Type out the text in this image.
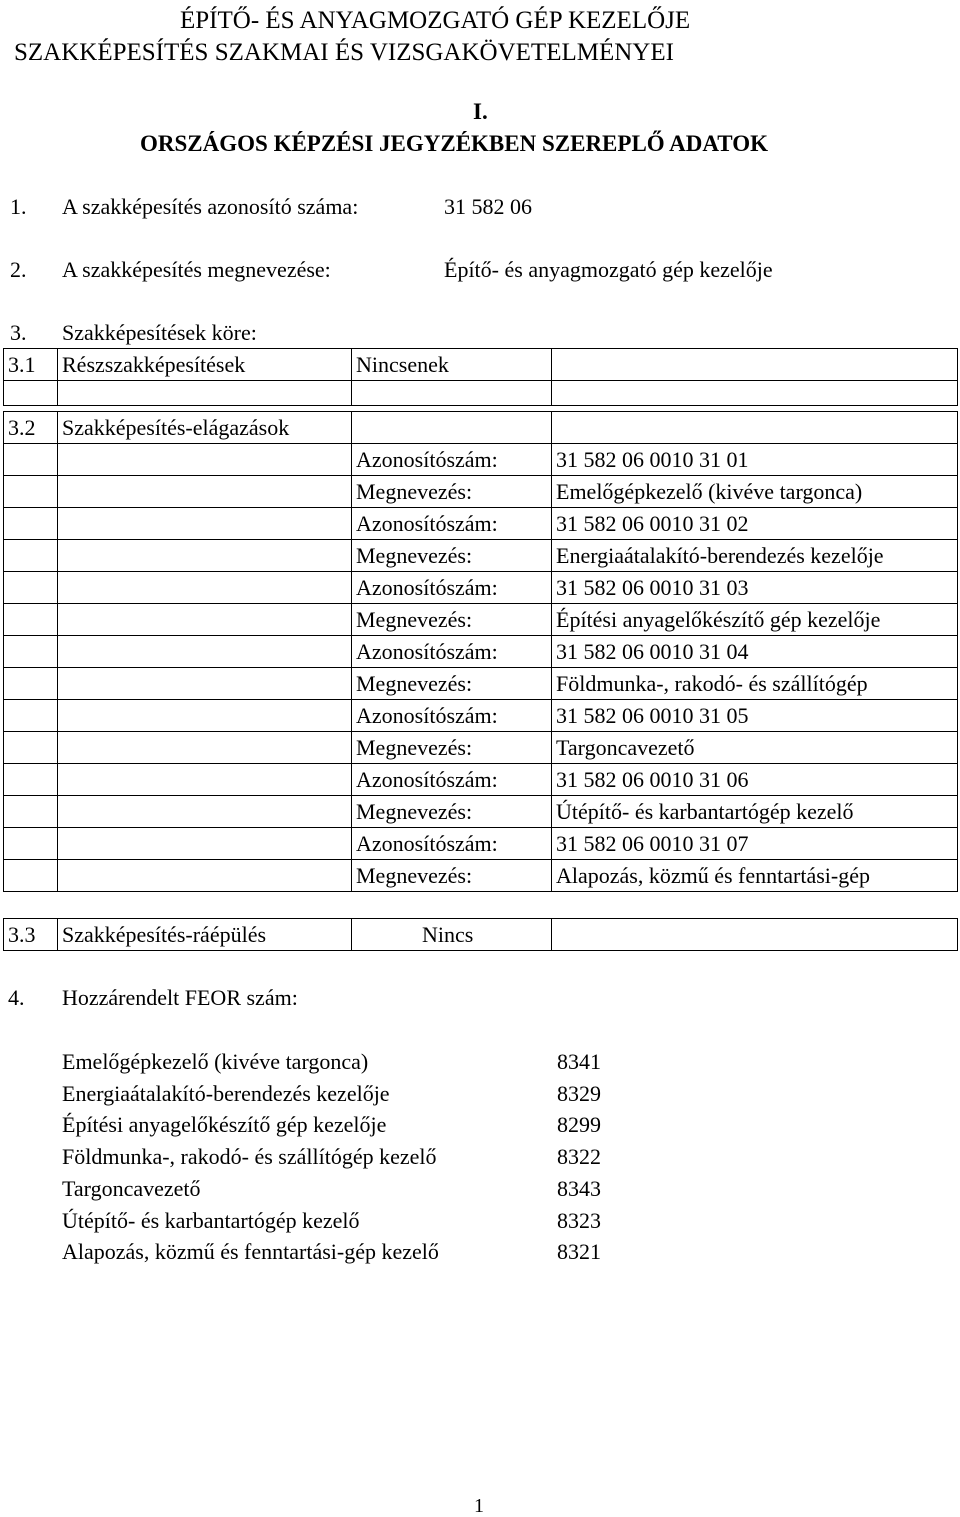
ÉPÍTŐ- ÉS ANYAGMOZGATÓ GÉP KEZELŐJE
SZAKKÉPESÍTÉS SZAKMAI ÉS VIZSGAKÖVETELMÉNYEI
I.
ORSZÁGOS KÉPZÉSI JEGYZÉKBEN SZEREPLŐ ADATOK
1. A szakképesítés azonosító száma:	31 582 06
2. A szakképesítés megnevezése:	Építő- és anyagmozgató gép kezelője
3. Szakképesítések köre:
3.1	Részszakképesítések	Nincsenek	

3.2	Szakképesítés-elágazások		
		Azonosítószám:	31 582 06 0010 31 01
		Megnevezés:	Emelőgépkezelő (kivéve targonca)
		Azonosítószám:	31 582 06 0010 31 02
		Megnevezés:	Energiaátalakító-berendezés kezelője
		Azonosítószám:	31 582 06 0010 31 03
		Megnevezés:	Építési anyagelőkészítő gép kezelője
		Azonosítószám:	31 582 06 0010 31 04
		Megnevezés:	Földmunka-, rakodó- és szállítógép
		Azonosítószám:	31 582 06 0010 31 05
		Megnevezés:	Targoncavezető
		Azonosítószám:	31 582 06 0010 31 06
		Megnevezés:	Útépítő- és karbantartógép kezelő
		Azonosítószám:	31 582 06 0010 31 07
		Megnevezés:	Alapozás, közmű és fenntartási-gép
3.3	Szakképesítés-ráépülés	Nincs	
4. Hozzárendelt FEOR szám:
Emelőgépkezelő (kivéve targonca)	8341
Energiaátalakító-berendezés kezelője	8329
Építési anyagelőkészítő gép kezelője	8299
Földmunka-, rakodó- és szállítógép kezelő	8322
Targoncavezető	8343
Útépítő- és karbantartógép kezelő	8323
Alapozás, közmű és fenntartási-gép kezelő	8321
1
